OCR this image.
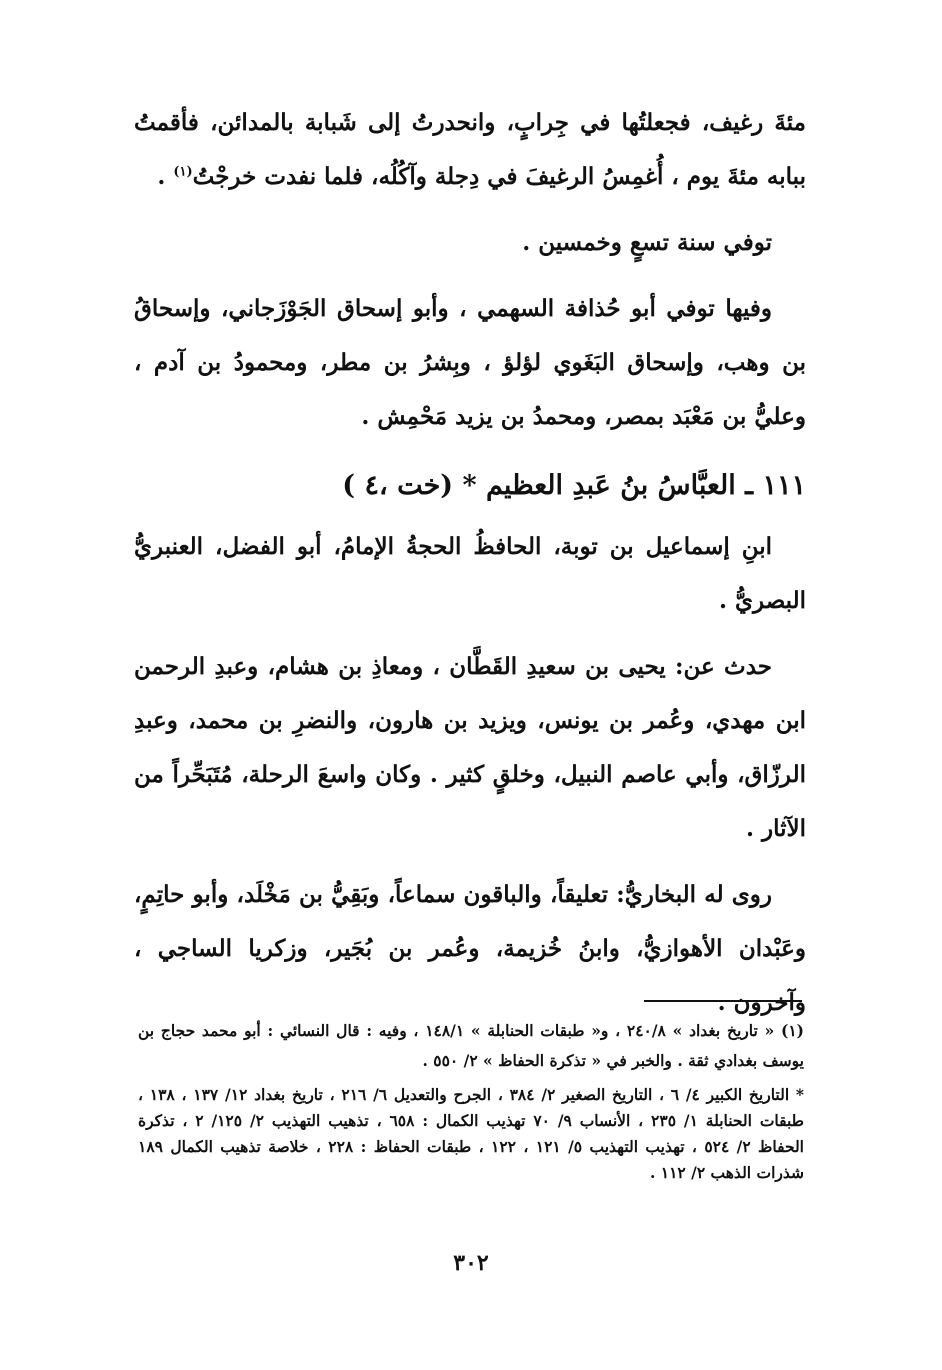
مئةَ رغيف، فجعلتُها في جِرابٍ، وانحدرتُ إلى شَبابة بالمدائن، فأقمتُ ببابه مئةَ يوم ، أُغمِسُ الرغيفَ في دِجلة وآكُلُه، فلما نفدت خرجْتُ$^{(١)}$ .

توفي سنة تسعٍ وخمسين .

وفيها توفي أبو حُذافة السهمي ، وأبو إسحاق الجَوْزَجاني، وإسحاقُ بن وهب، وإسحاق البَغَوي لؤلؤ ، وبِشرُ بن مطر، ومحمودُ بن آدم ، وعليُّ بن مَعْبَد بمصر، ومحمدُ بن يزيد مَحْمِش .

١١١ ـ العبَّاسُ بنُ عَبدِ العظيم * (خت ،٤ )

ابنِ إسماعيل بن توبة، الحافظُ الحجةُ الإمامُ، أبو الفضل، العنبريُّ البصريُّ .

حدث عن: يحيى بن سعيدِ القَطَّان ، ومعاذِ بن هشام، وعبدِ الرحمن ابن مهدي، وعُمر بن يونس، ويزيد بن هارون، والنضرِ بن محمد، وعبدِ الرزّاق، وأبي عاصم النبيل، وخلقٍ كثير . وكان واسعَ الرحلة، مُتَبَحِّراً من الآثار .

روى له البخاريُّ: تعليقاً، والباقون سماعاً، وبَقِيُّ بن مَخْلَد، وأبو حاتِمٍ، وعَبْدان الأهوازيُّ، وابنُ خُزيمة، وعُمر بن بُجَير، وزكريا الساجي ، وآخرون .

(١) « تاريخ بغداد » ٢٤٠/٨ ، و« طبقات الحنابلة » ١٤٨/١ ، وفيه : قال النسائي : أبو محمد حجاج بن يوسف بغدادي ثقة . والخبر في « تذكرة الحفاظ » ٢/ ٥٥٠ .

* التاريخ الكبير ٤/ ٦ ، التاريخ الصغير ٢/ ٣٨٤ ، الجرح والتعديل ٦/ ٢١٦ ، تاريخ بغداد ١٢/ ١٣٧ ، ١٣٨ ، طبقات الحنابلة ١/ ٢٣٥ ، الأنساب ٩/ ٧٠ تهذيب الكمال : ٦٥٨ ، تذهيب التهذيب ٢/ ١٢٥/ ٢ ، تذكرة الحفاظ ٢/ ٥٢٤ ، تهذيب التهذيب ٥/ ١٢١ ، ١٢٢ ، طبقات الحفاظ : ٢٢٨ ، خلاصة تذهيب الكمال ١٨٩ شذرات الذهب ٢/ ١١٢ .

٣٠٢
